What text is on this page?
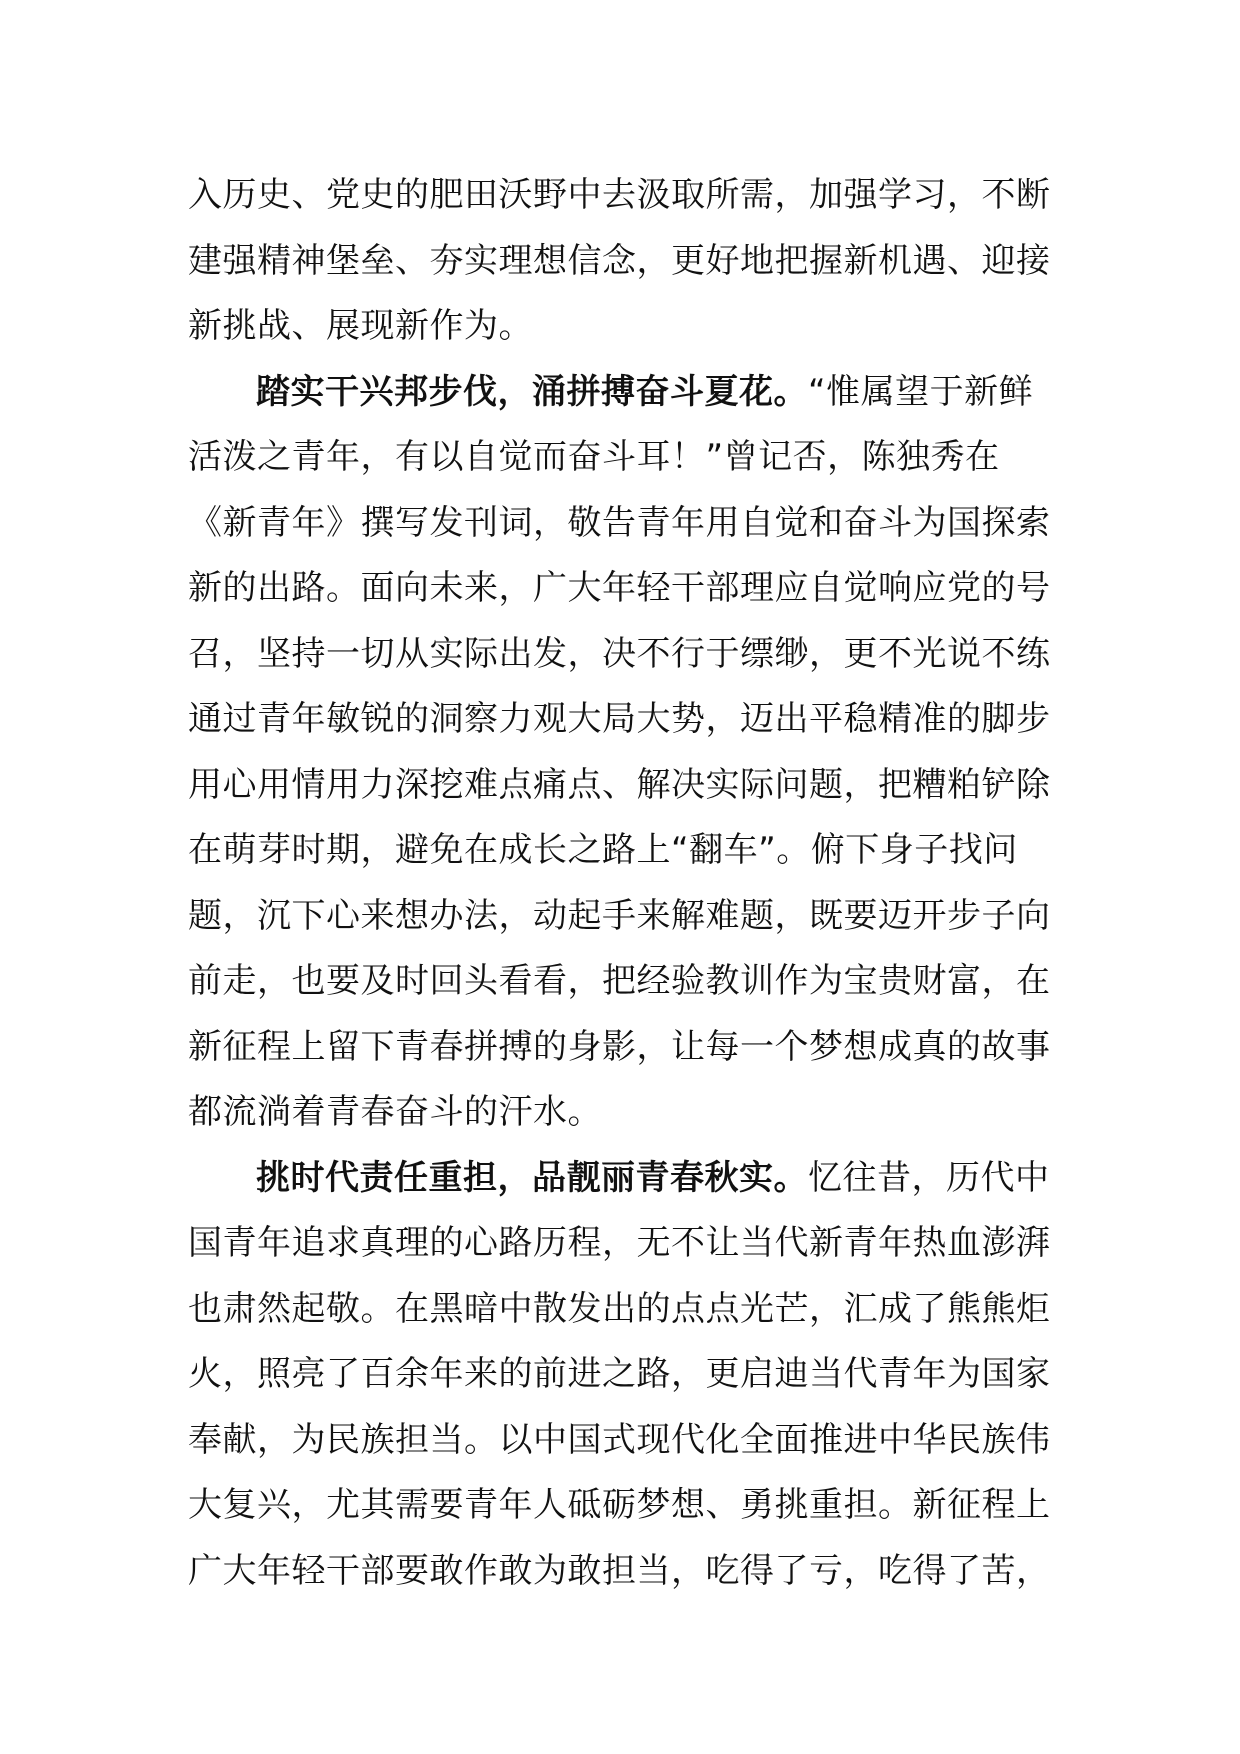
入历史、党史的肥田沃野中去汲取所需，加强学习，不断
建强精神堡垒、夯实理想信念，更好地把握新机遇、迎接
新挑战、展现新作为。
踏实干兴邦步伐，涌拼搏奋斗夏花。“惟属望于新鲜
活泼之青年，有以自觉而奋斗耳！”曾记否，陈独秀在
《新青年》撰写发刊词，敬告青年用自觉和奋斗为国探索
新的出路。面向未来，广大年轻干部理应自觉响应党的号
召，坚持一切从实际出发，决不行于缥缈，更不光说不练
通过青年敏锐的洞察力观大局大势，迈出平稳精准的脚步
用心用情用力深挖难点痛点、解决实际问题，把糟粕铲除
在萌芽时期，避免在成长之路上“翻车”。俯下身子找问
题，沉下心来想办法，动起手来解难题，既要迈开步子向
前走，也要及时回头看看，把经验教训作为宝贵财富，在
新征程上留下青春拼搏的身影，让每一个梦想成真的故事
都流淌着青春奋斗的汗水。
挑时代责任重担，品靓丽青春秋实。忆往昔，历代中
国青年追求真理的心路历程，无不让当代新青年热血澎湃
也肃然起敬。在黑暗中散发出的点点光芒，汇成了熊熊炬
火，照亮了百余年来的前进之路，更启迪当代青年为国家
奉献，为民族担当。以中国式现代化全面推进中华民族伟
大复兴，尤其需要青年人砥砺梦想、勇挑重担。新征程上
广大年轻干部要敢作敢为敢担当，吃得了亏，吃得了苦，
